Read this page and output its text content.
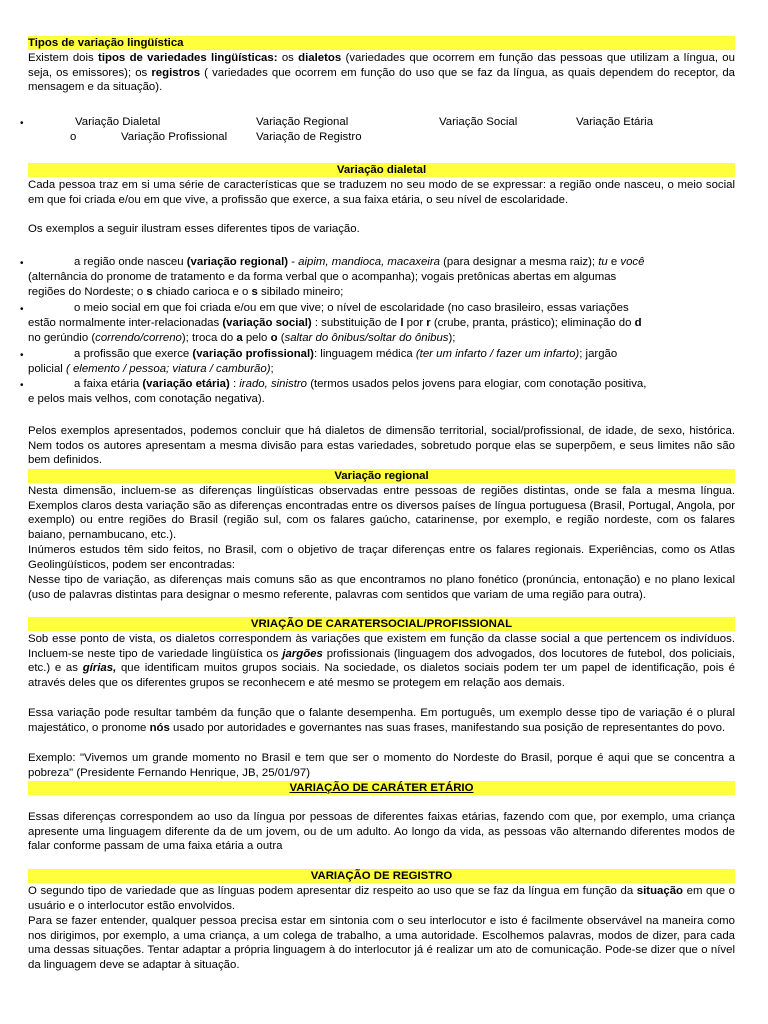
Tipos de variação lingüística
Existem dois tipos de variedades lingüísticas: os dialetos (variedades que ocorrem em função das pessoas que utilizam a língua, ou seja, os emissores); os registros ( variedades que ocorrem em função do uso que se faz da língua, as quais dependem do receptor, da mensagem e da situação).
•	Variação Dialetal	Variação Regional	Variação Social	Variação Etária
o	Variação Profissional	Variação de Registro
Variação dialetal
Cada pessoa traz em si uma série de características que se traduzem no seu modo de se expressar: a região onde nasceu, o meio social em que foi criada e/ou em que vive, a profissão que exerce, a sua faixa etária, o seu nível de escolaridade.
Os exemplos a seguir ilustram esses diferentes tipos de variação.
•	a região onde nasceu (variação regional) - aipim, mandioca, macaxeira (para designar a mesma raiz); tu e você
(alternância do pronome de tratamento e da forma verbal que o acompanha); vogais pretônicas abertas em algumas
regiões do Nordeste; o s chiado carioca e o s sibilado mineiro;
•	o meio social em que foi criada e/ou em que vive; o nível de escolaridade (no caso brasileiro, essas variações
estão normalmente inter-relacionadas (variação social) : substituição de l por r (crube, pranta, prástico); eliminação do d
no gerúndio (correndo/correno); troca do a pelo o (saltar do ônibus/soltar do ônibus);
•	a profissão que exerce (variação profissional): linguagem médica (ter um infarto / fazer um infarto); jargão
policial ( elemento / pessoa; viatura / camburão);
•	a faixa etária (variação etária) : irado, sinistro (termos usados pelos jovens para elogiar, com conotação positiva,
e pelos mais velhos, com conotação negativa).
Pelos exemplos apresentados, podemos concluir que há dialetos de dimensão territorial, social/profissional, de idade, de sexo, histórica. Nem todos os autores apresentam a mesma divisão para estas variedades, sobretudo porque elas se superpõem, e seus limites não são bem definidos.
Variação regional
Nesta dimensão, incluem-se as diferenças lingüísticas observadas entre pessoas de regiões distintas, onde se fala a mesma língua. Exemplos claros desta variação são as diferenças encontradas entre os diversos países de língua portuguesa (Brasil, Portugal, Angola, por exemplo) ou entre regiões do Brasil (região sul, com os falares gaúcho, catarinense, por exemplo, e região nordeste, com os falares baiano, pernambucano, etc.).
Inúmeros estudos têm sido feitos, no Brasil, com o objetivo de traçar diferenças entre os falares regionais. Experiências, como os Atlas Geolingüísticos, podem ser encontradas:
Nesse tipo de variação, as diferenças mais comuns são as que encontramos no plano fonético (pronúncia, entonação) e no plano lexical (uso de palavras distintas para designar o mesmo referente, palavras com sentidos que variam de uma região para outra).
VRIAÇÃO DE CARATERSOCIAL/PROFISSIONAL
Sob esse ponto de vista, os dialetos correspondem às variações que existem em função da classe social a que pertencem os indivíduos. Incluem-se neste tipo de variedade lingüística os jargões profissionais (linguagem dos advogados, dos locutores de futebol, dos policiais, etc.) e as gírias, que identificam muitos grupos sociais. Na sociedade, os dialetos sociais podem ter um papel de identificação, pois é através deles que os diferentes grupos se reconhecem e até mesmo se protegem em relação aos demais.
Essa variação pode resultar também da função que o falante desempenha. Em português, um exemplo desse tipo de variação é o plural majestático, o pronome nós usado por autoridades e governantes nas suas frases, manifestando sua posição de representantes do povo.
Exemplo: "Vivemos um grande momento no Brasil e tem que ser o momento do Nordeste do Brasil, porque é aqui que se concentra a pobreza" (Presidente Fernando Henrique, JB, 25/01/97)
VARIAÇÃO DE CARÁTER ETÁRIO
Essas diferenças correspondem ao uso da língua por pessoas de diferentes faixas etárias, fazendo com que, por exemplo, uma criança apresente uma linguagem diferente da de um jovem, ou de um adulto. Ao longo da vida, as pessoas vão alternando diferentes modos de falar conforme passam de uma faixa etária a outra
VARIAÇÃO DE REGISTRO
O segundo tipo de variedade que as línguas podem apresentar diz respeito ao uso que se faz da língua em função da situação em que o usuário e o interlocutor estão envolvidos.
Para se fazer entender, qualquer pessoa precisa estar em sintonia com o seu interlocutor e isto é facilmente observável na maneira como nos dirigimos, por exemplo, a uma criança, a um colega de trabalho, a uma autoridade. Escolhemos palavras, modos de dizer, para cada uma dessas situações. Tentar adaptar a própria linguagem à do interlocutor já é realizar um ato de comunicação. Pode-se dizer que o nível da linguagem deve se adaptar à situação.
